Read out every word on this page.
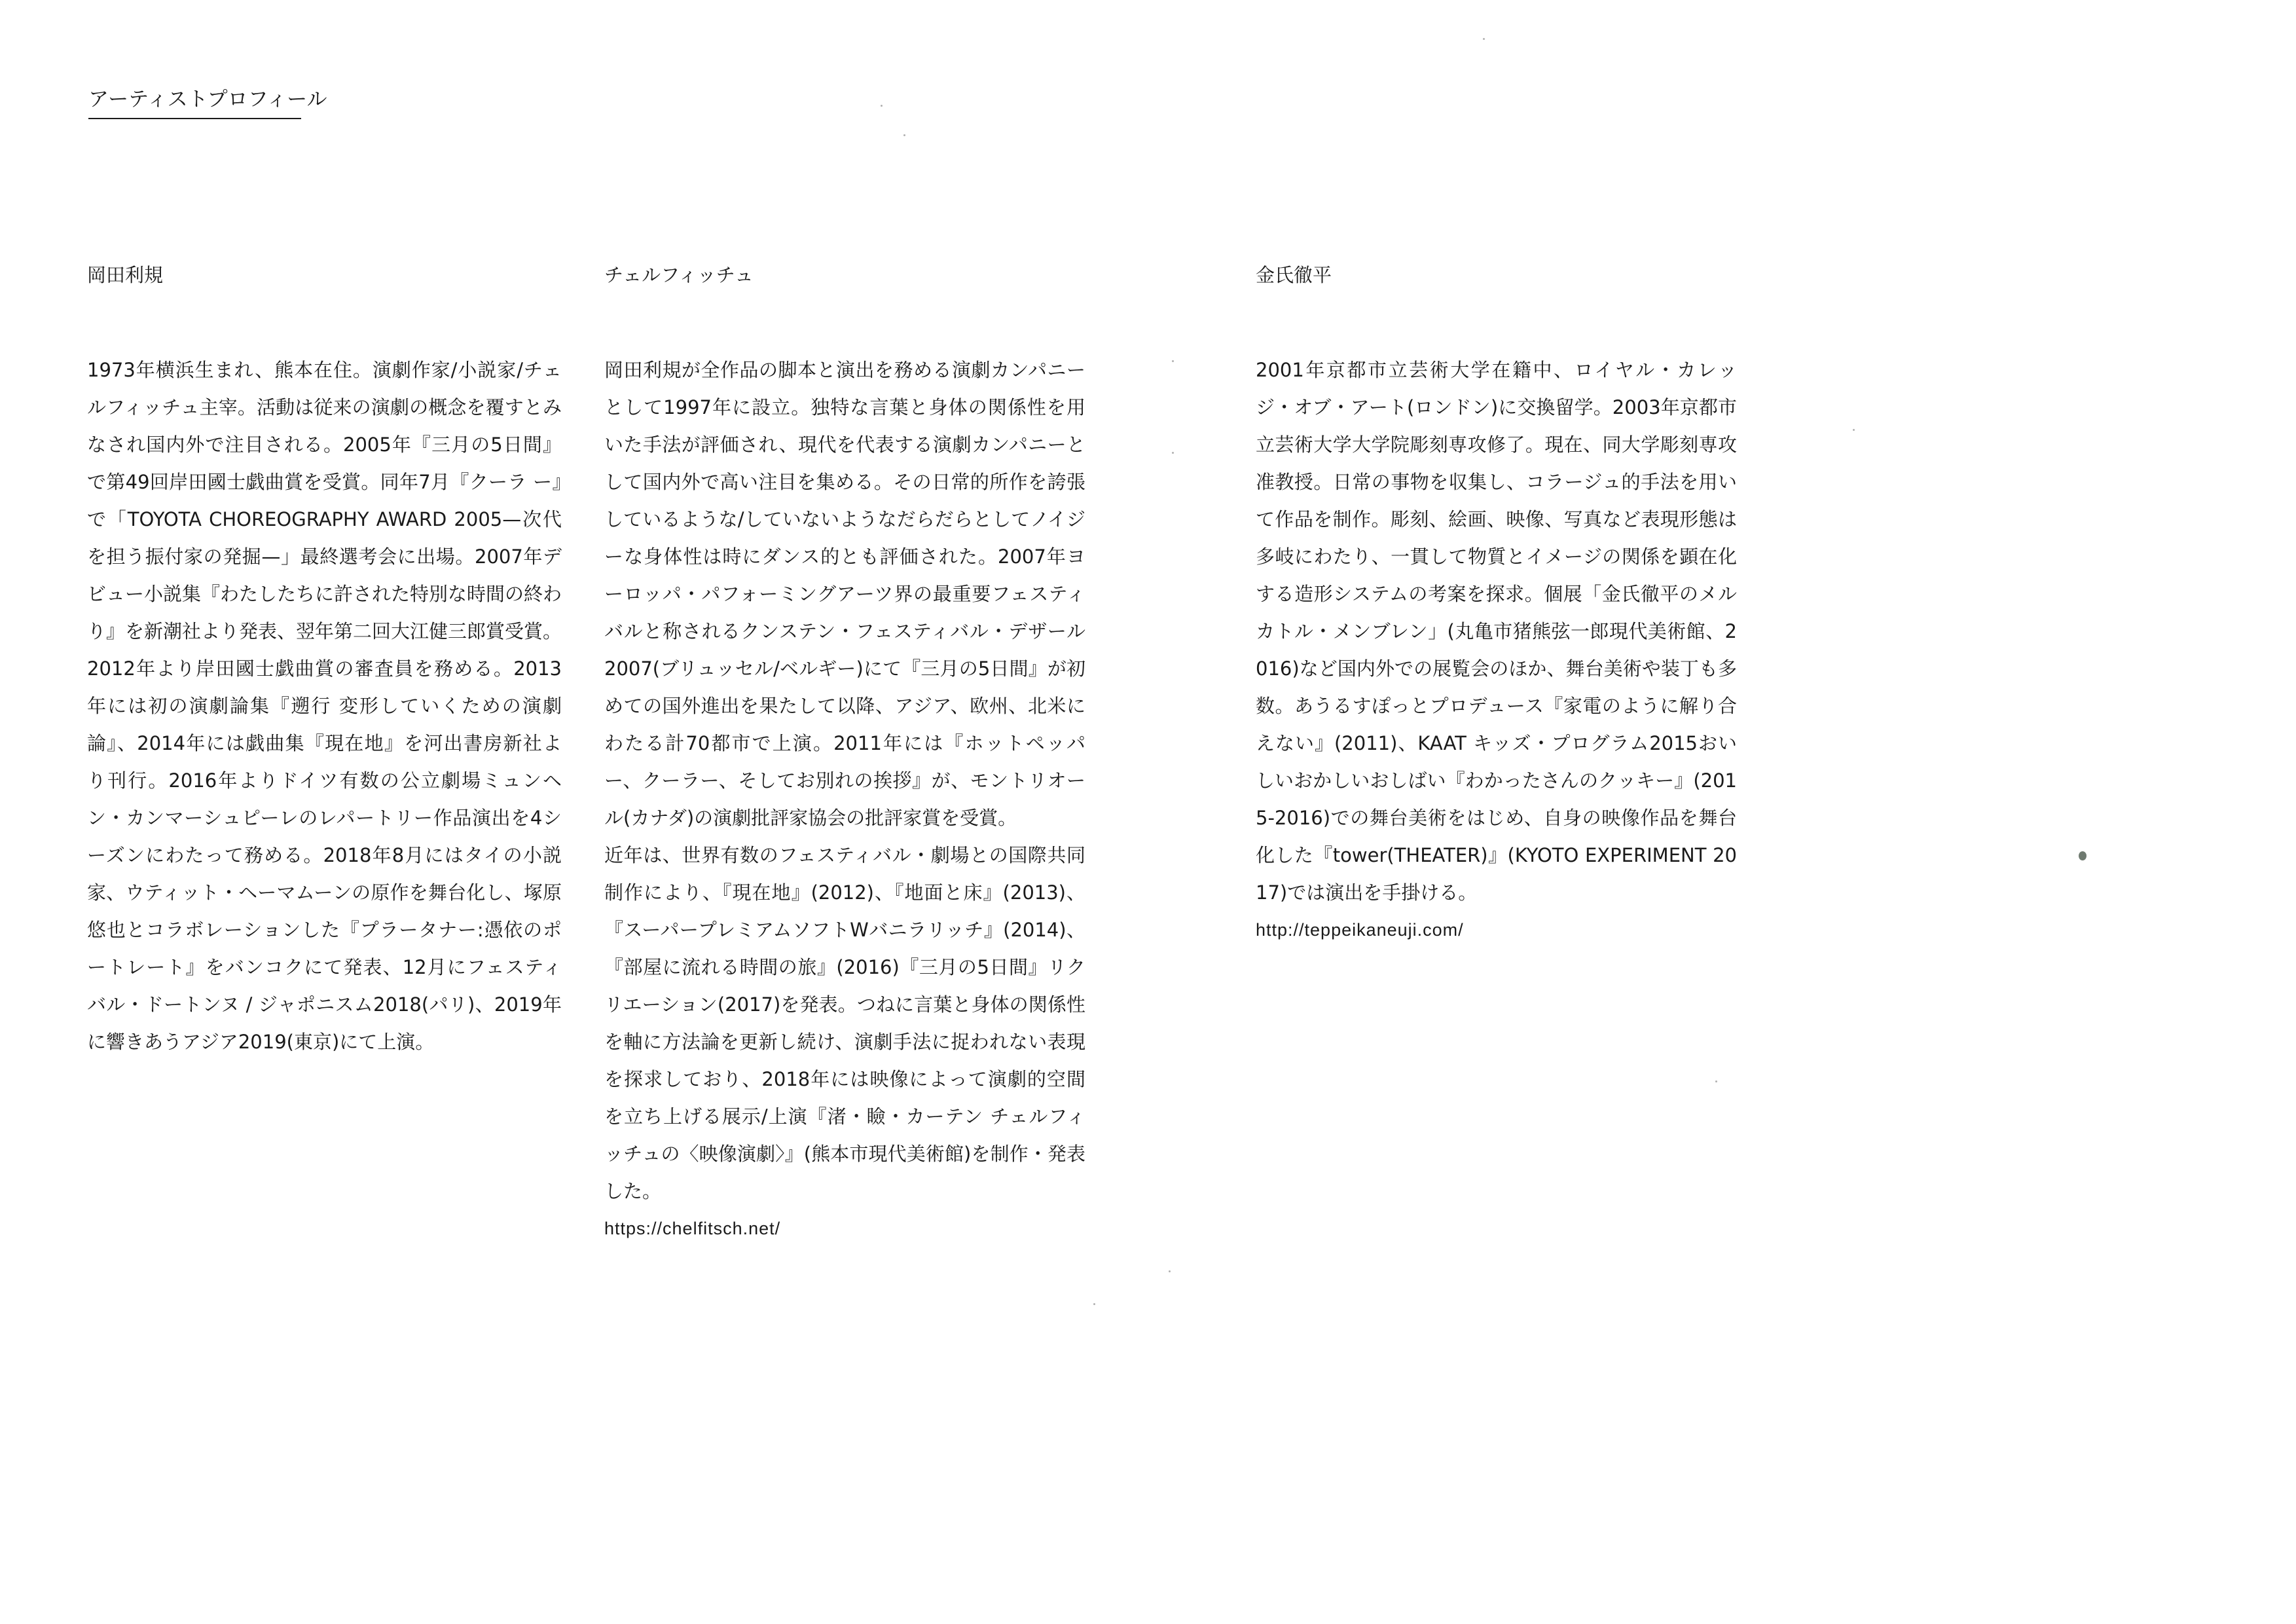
アーティストプロフィール
岡田利規

1973年横浜生まれ、熊本在住。演劇作家/小説家/チェルフィッチュ主宰。活動は従来の演劇の概念を覆すとみなされ国内外で注目される。2005年『三月の5日間』で第49回岸田國士戯曲賞を受賞。同年7月『クーラ ー』で「TOYOTA CHOREOGRAPHY AWARD 2005—次代を担う振付家の発掘—」最終選考会に出場。2007年デビュー小説集『わたしたちに許された特別な時間の終わり』を新潮社より発表、翌年第二回大江健三郎賞受賞。2012年より岸田國士戯曲賞の審査員を務める。2013年には初の演劇論集『遡行 変形していくための演劇論』、2014年には戯曲集『現在地』を河出書房新社より刊行。2016年よりドイツ有数の公立劇場ミュンヘン・カンマーシュピーレのレパートリー作品演出を4シーズンにわたって務める。2018年8月にはタイの小説家、ウティット・ヘーマムーンの原作を舞台化し、塚原悠也とコラボレーションした『プラータナー:憑依のポートレート』をバンコクにて発表、12月にフェスティバル・ドートンヌ / ジャポニスム2018(パリ)、2019年に響きあうアジア2019(東京)にて上演。

チェルフィッチュ

岡田利規が全作品の脚本と演出を務める演劇カンパニーとして1997年に設立。独特な言葉と身体の関係性を用いた手法が評価され、現代を代表する演劇カンパニーとして国内外で高い注目を集める。その日常的所作を誇張しているような/していないようなだらだらとしてノイジーな身体性は時にダンス的とも評価された。2007年ヨーロッパ・パフォーミングアーツ界の最重要フェスティバルと称されるクンステン・フェスティバル・デザール2007(ブリュッセル/ベルギー)にて『三月の5日間』が初めての国外進出を果たして以降、アジア、欧州、北米にわたる計70都市で上演。2011年には『ホットペッパー、クーラー、そしてお別れの挨拶』が、モントリオール(カナダ)の演劇批評家協会の批評家賞を受賞。

近年は、世界有数のフェスティバル・劇場との国際共同制作により、『現在地』(2012)、『地面と床』(2013)、『スーパープレミアムソフトWバニラリッチ』(2014)、『部屋に流れる時間の旅』(2016)『三月の5日間』リクリエーション(2017)を発表。つねに言葉と身体の関係性を軸に方法論を更新し続け、演劇手法に捉われない表現を探求しており、2018年には映像によって演劇的空間を立ち上げる展示/上演『渚・瞼・カーテン チェルフィッチュの〈映像演劇〉』(熊本市現代美術館)を制作・発表した。

https://chelfitsch.net/
金氏徹平

2001年京都市立芸術大学在籍中、ロイヤル・カレッジ・オブ・アート(ロンドン)に交換留学。2003年京都市立芸術大学大学院彫刻専攻修了。現在、同大学彫刻専攻准教授。日常の事物を収集し、コラージュ的手法を用いて作品を制作。彫刻、絵画、映像、写真など表現形態は多岐にわたり、一貫して物質とイメージの関係を顕在化する造形システムの考案を探求。個展「金氏徹平のメルカトル・メンブレン」(丸亀市猪熊弦一郎現代美術館、2016)など国内外での展覧会のほか、舞台美術や装丁も多数。あうるすぽっとプロデュース『家電のように解り合えない』(2011)、KAAT キッズ・プログラム2015おいしいおかしいおしばい『わかったさんのクッキー』(2015-2016)での舞台美術をはじめ、自身の映像作品を舞台化した『tower(THEATER)』(KYOTO EXPERIMENT 2017)では演出を手掛ける。

http://teppeikaneuji.com/
